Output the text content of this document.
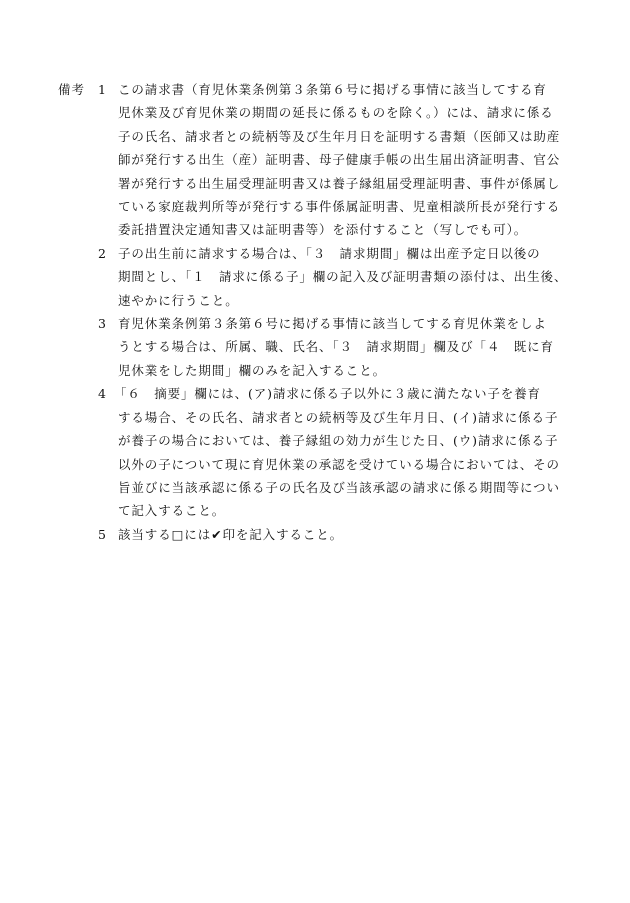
備考 1 この請求書（育児休業条例第３条第６号に掲げる事情に該当してする育
児休業及び育児休業の期間の延長に係るものを除く。）には、請求に係る
子の氏名、請求者との続柄等及び生年月日を証明する書類（医師又は助産
師が発行する出生（産）証明書、母子健康手帳の出生届出済証明書、官公
署が発行する出生届受理証明書又は養子縁組届受理証明書、事件が係属し
ている家庭裁判所等が発行する事件係属証明書、児童相談所長が発行する
委託措置決定通知書又は証明書等）を添付すること（写しでも可）。
2 子の出生前に請求する場合は、「３　請求期間」欄は出産予定日以後の
期間とし、「１　請求に係る子」欄の記入及び証明書類の添付は、出生後、
速やかに行うこと。
3 育児休業条例第３条第６号に掲げる事情に該当してする育児休業をしよ
うとする場合は、所属、職、氏名、「３　請求期間」欄及び「４　既に育
児休業をした期間」欄のみを記入すること。
4 「６　摘要」欄には、(ア)請求に係る子以外に３歳に満たない子を養育
する場合、その氏名、請求者との続柄等及び生年月日、(イ)請求に係る子
が養子の場合においては、養子縁組の効力が生じた日、(ウ)請求に係る子
以外の子について現に育児休業の承認を受けている場合においては、その
旨並びに当該承認に係る子の氏名及び当該承認の請求に係る期間等につい
て記入すること。
5 該当する□には✔印を記入すること。
